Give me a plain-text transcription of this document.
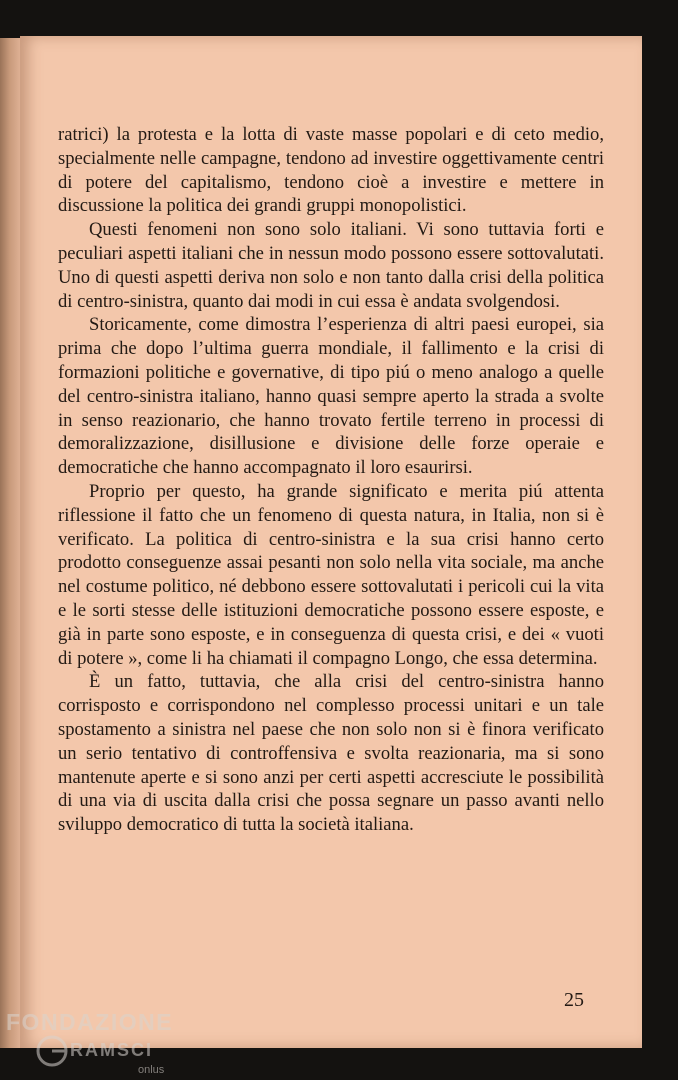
ratrici) la protesta e la lotta di vaste masse popolari e di ceto medio, specialmente nelle campagne, tendono ad investire oggettivamente centri di potere del capitalismo, tendono cioè a investire e mettere in discussione la politica dei grandi gruppi monopolistici.

Questi fenomeni non sono solo italiani. Vi sono tuttavia forti e peculiari aspetti italiani che in nessun modo possono essere sottovalutati. Uno di questi aspetti deriva non solo e non tanto dalla crisi della politica di centro-sinistra, quanto dai modi in cui essa è andata svolgendosi.

Storicamente, come dimostra l’esperienza di altri paesi europei, sia prima che dopo l’ultima guerra mondiale, il fallimento e la crisi di formazioni politiche e governative, di tipo piú o meno analogo a quelle del centro-sinistra italiano, hanno quasi sempre aperto la strada a svolte in senso reazionario, che hanno trovato fertile terreno in processi di demoralizzazione, disillusione e divisione delle forze operaie e democratiche che hanno accompagnato il loro esaurirsi.

Proprio per questo, ha grande significato e merita piú attenta riflessione il fatto che un fenomeno di questa natura, in Italia, non si è verificato. La politica di centro-sinistra e la sua crisi hanno certo prodotto conseguenze assai pesanti non solo nella vita sociale, ma anche nel costume politico, né debbono essere sottovalutati i pericoli cui la vita e le sorti stesse delle istituzioni democratiche possono essere esposte, e già in parte sono esposte, e in conseguenza di questa crisi, e dei « vuoti di potere », come li ha chiamati il compagno Longo, che essa determina.

È un fatto, tuttavia, che alla crisi del centro-sinistra hanno corrisposto e corrispondono nel complesso processi unitari e un tale spostamento a sinistra nel paese che non solo non si è finora verificato un serio tentativo di controffensiva e svolta reazionaria, ma si sono mantenute aperte e si sono anzi per certi aspetti accresciute le possibilità di una via di uscita dalla crisi che possa segnare un passo avanti nello sviluppo democratico di tutta la società italiana.

25
FONDAZIONE
RAMSCI
onlus
